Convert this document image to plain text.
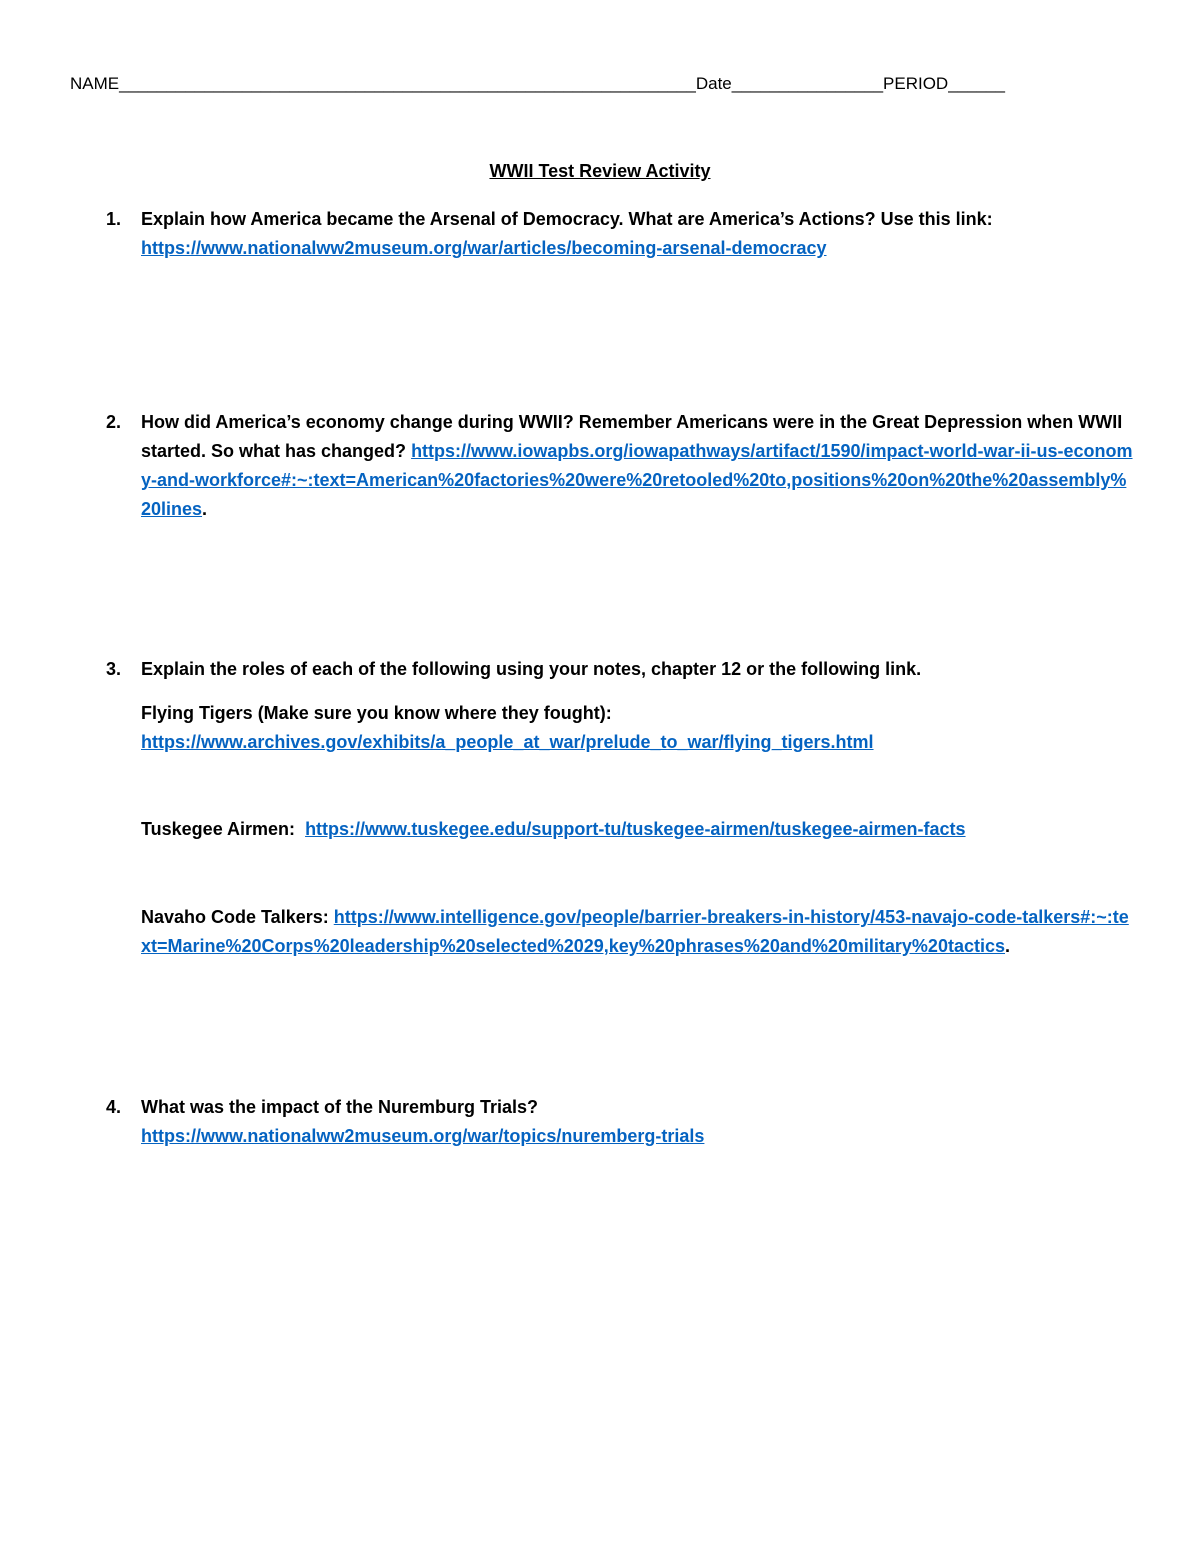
NAME_____________________________________________________________Date________________PERIOD______
WWII Test Review Activity
1.	Explain how America became the Arsenal of Democracy. What are America’s Actions? Use this link:
https://www.nationalww2museum.org/war/articles/becoming-arsenal-democracy
2.	How did America’s economy change during WWII? Remember Americans were in the Great Depression when WWII started. So what has changed? https://www.iowapbs.org/iowapathways/artifact/1590/impact-world-war-ii-us-economy-and-workforce#:~:text=American%20factories%20were%20retooled%20to,positions%20on%20the%20assembly%20lines.
3.	Explain the roles of each of the following using your notes, chapter 12 or the following link.
Flying Tigers (Make sure you know where they fought):
https://www.archives.gov/exhibits/a_people_at_war/prelude_to_war/flying_tigers.html
Tuskegee Airmen:  https://www.tuskegee.edu/support-tu/tuskegee-airmen/tuskegee-airmen-facts
Navaho Code Talkers: https://www.intelligence.gov/people/barrier-breakers-in-history/453-navajo-code-talkers#:~:text=Marine%20Corps%20leadership%20selected%2029,key%20phrases%20and%20military%20tactics.
4.	What was the impact of the Nuremburg Trials?
https://www.nationalww2museum.org/war/topics/nuremberg-trials
